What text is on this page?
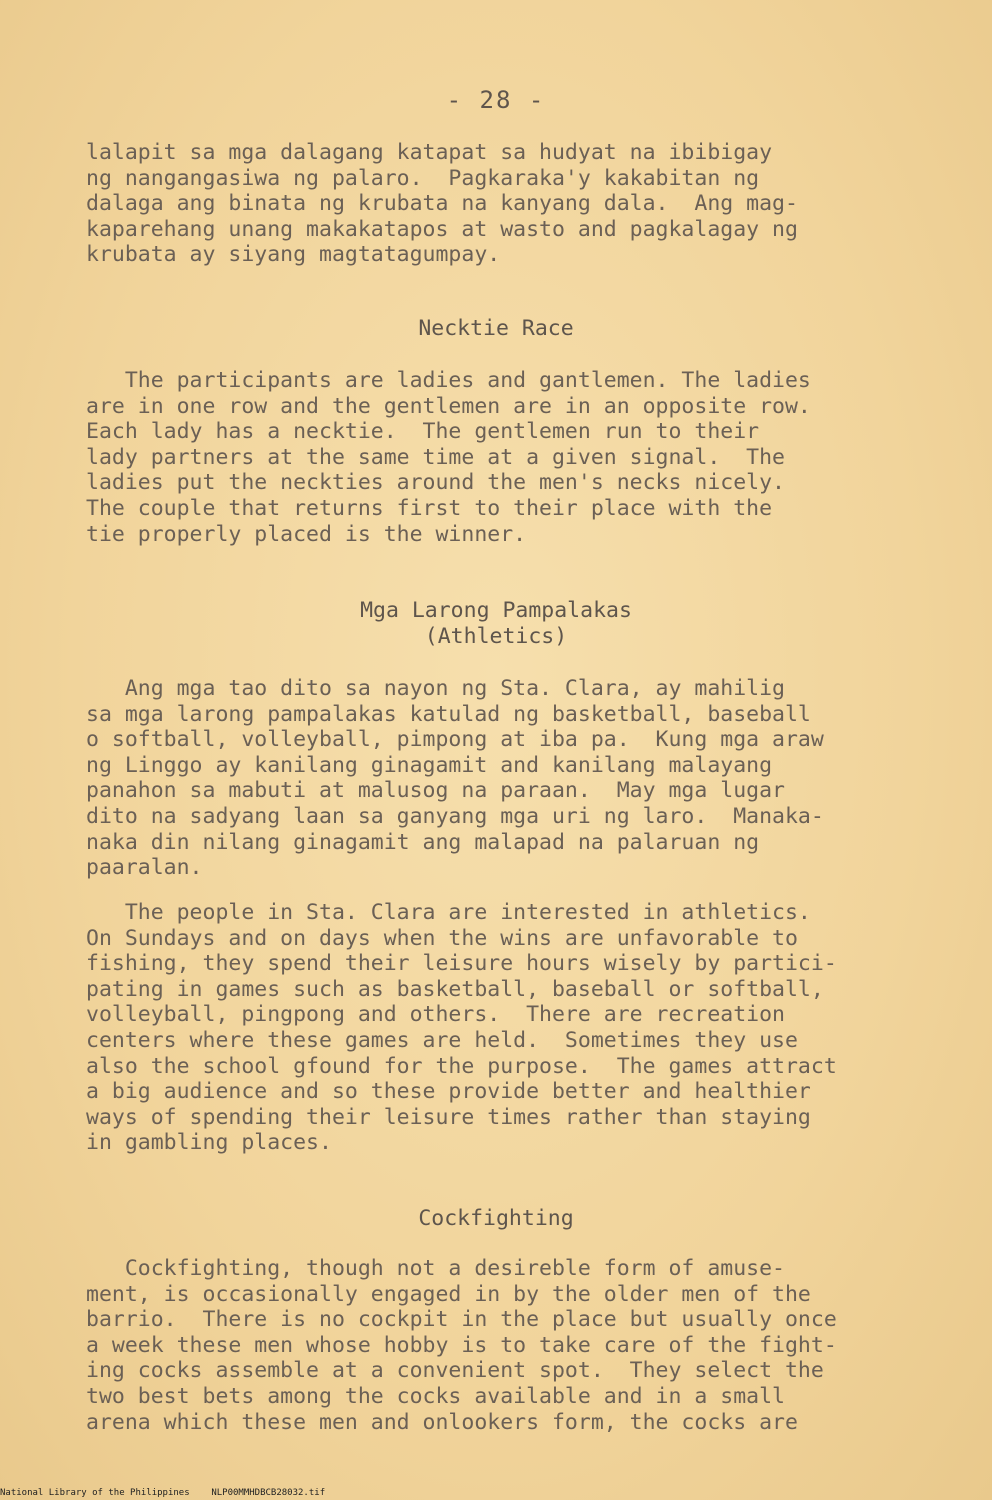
- 28 -
lalapit sa mga dalagang katapat sa hudyat na ibibigay
ng nangangasiwa ng palaro.  Pagkaraka'y kakabitan ng
dalaga ang binata ng krubata na kanyang dala.  Ang mag-
kaparehang unang makakatapos at wasto and pagkalagay ng
krubata ay siyang magtatagumpay.
Necktie Race
The participants are ladies and gantlemen. The ladies
are in one row and the gentlemen are in an opposite row.
Each lady has a necktie.  The gentlemen run to their
lady partners at the same time at a given signal.  The
ladies put the neckties around the men's necks nicely.
The couple that returns first to their place with the
tie properly placed is the winner.
Mga Larong Pampalakas
(Athletics)
Ang mga tao dito sa nayon ng Sta. Clara, ay mahilig
sa mga larong pampalakas katulad ng basketball, baseball
o softball, volleyball, pimpong at iba pa.  Kung mga araw
ng Linggo ay kanilang ginagamit and kanilang malayang
panahon sa mabuti at malusog na paraan.  May mga lugar
dito na sadyang laan sa ganyang mga uri ng laro.  Manaka-
naka din nilang ginagamit ang malapad na palaruan ng
paaralan.
The people in Sta. Clara are interested in athletics.
On Sundays and on days when the wins are unfavorable to
fishing, they spend their leisure hours wisely by partici-
pating in games such as basketball, baseball or softball,
volleyball, pingpong and others.  There are recreation
centers where these games are held.  Sometimes they use
also the school gfound for the purpose.  The games attract
a big audience and so these provide better and healthier
ways of spending their leisure times rather than staying
in gambling places.
Cockfighting
Cockfighting, though not a desireble form of amuse-
ment, is occasionally engaged in by the older men of the
barrio.  There is no cockpit in the place but usually once
a week these men whose hobby is to take care of the fight-
ing cocks assemble at a convenient spot.  They select the
two best bets among the cocks available and in a small
arena which these men and onlookers form, the cocks are
National Library of the Philippines    NLP00MMHDBCB28032.tif
